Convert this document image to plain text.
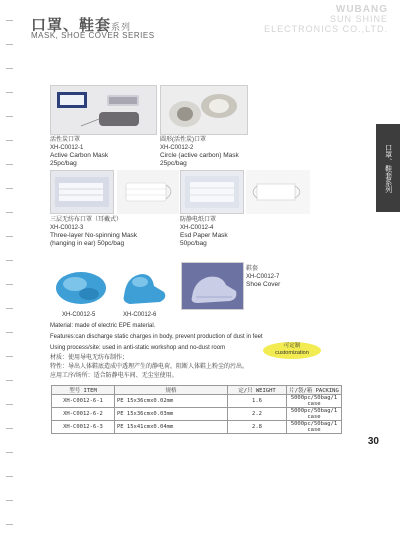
口罩、鞋套系列
MASK, SHOE COVER SERIES
WUBANG
SUN SHINE
ELECTRONICS CO.,LTD.
口罩、鞋套系列
活性炭口罩
XH-C0012-1
Active Carbon Mask
25pc/bag
圆形(活性炭)口罩
XH-C0012-2
Circle (active carbon) Mask
25pc/bag
三层无纺布口罩（耳戴式）
XH-C0012-3
Three-layer No-spinning Mask
(hanging in ear) 50pc/bag
防静电纸口罩
XH-C0012-4
Esd Paper Mask
50pc/bag
XH-C0012-5	XH-C0012-6
鞋套
XH-C0012-7
Shoe Cover
Material: made of electric EPE material.
Features:can discharge static charges in body, prevent production of dust in feet
Using process/site: used in anti-static workshop and no-dust room
材质：使用导电无纺布制作；
特性：导出人体鞋底造成中透理产生的静电荷，阻断人体鞋上粉尘的污出。
应用工序/场所：适合防静电车间、无尘室使用。
可定制
customization
型号 ITEM	规格	定/只 WEIGHT	片/袋/箱 PACKING
XH-C0012-6-1	PE 15x36cmx0.02mm	1.6	5000pc/50bag/1 case
XH-C0012-6-2	PE 15x36cmx0.03mm	2.2	5000pc/50bag/1 case
XH-C0012-6-3	PE 15x41cmx0.04mm	2.8	5000pc/50bag/1 case
30
